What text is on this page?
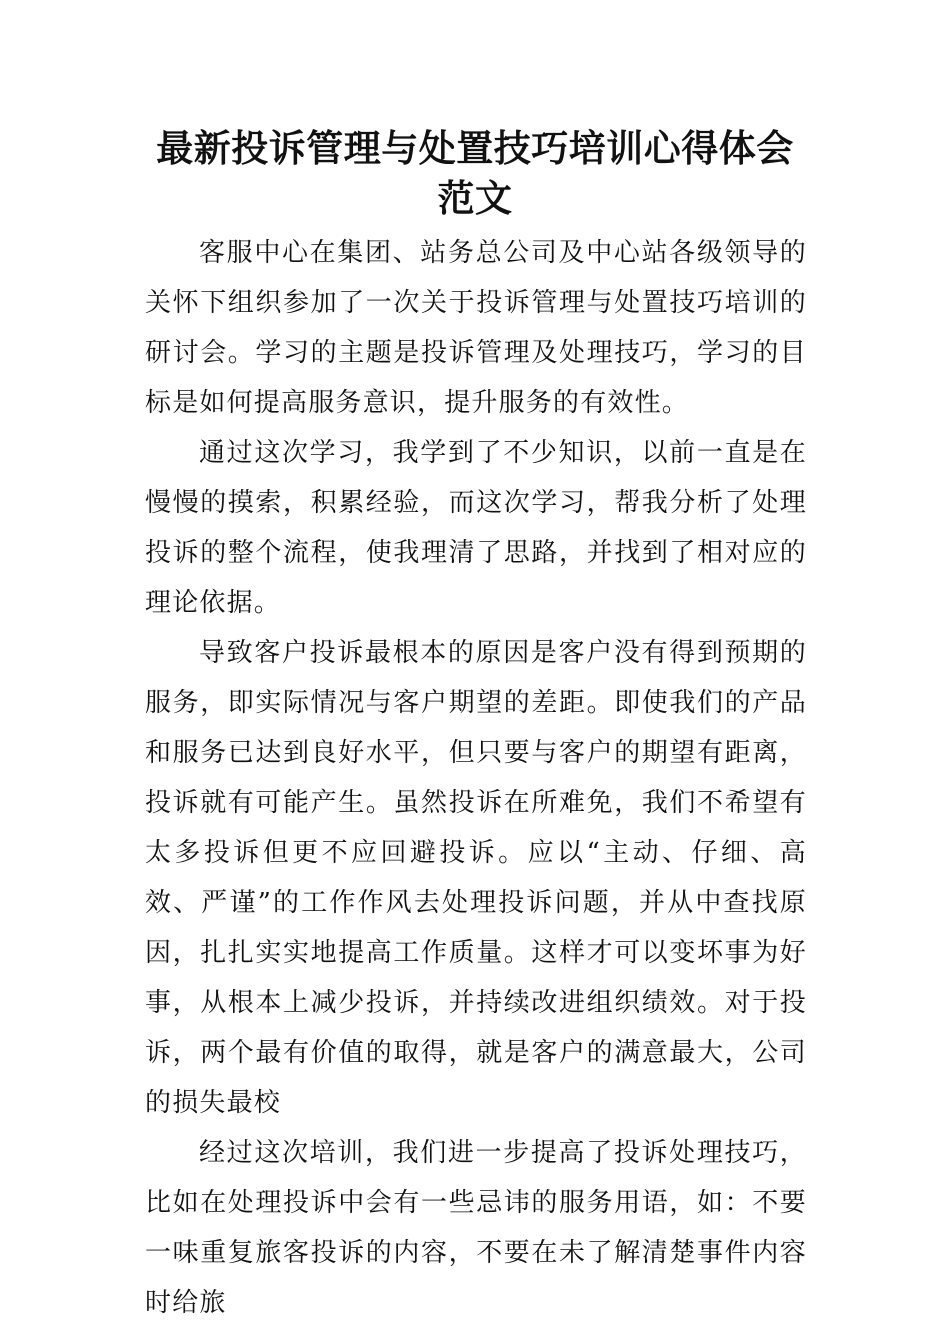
最新投诉管理与处置技巧培训心得体会范文

客服中心在集团、站务总公司及中心站各级领导的关怀下组织参加了一次关于投诉管理与处置技巧培训的研讨会。学习的主题是投诉管理及处理技巧，学习的目标是如何提高服务意识，提升服务的有效性。

通过这次学习，我学到了不少知识，以前一直是在慢慢的摸索，积累经验，而这次学习，帮我分析了处理投诉的整个流程，使我理清了思路，并找到了相对应的理论依据。

导致客户投诉最根本的原因是客户没有得到预期的服务，即实际情况与客户期望的差距。即使我们的产品和服务已达到良好水平，但只要与客户的期望有距离，投诉就有可能产生。虽然投诉在所难免，我们不希望有太多投诉但更不应回避投诉。应以“主动、仔细、高效、严谨”的工作作风去处理投诉问题，并从中查找原因，扎扎实实地提高工作质量。这样才可以变坏事为好事，从根本上减少投诉，并持续改进组织绩效。对于投诉，两个最有价值的取得，就是客户的满意最大，公司的损失最校

经过这次培训，我们进一步提高了投诉处理技巧，比如在处理投诉中会有一些忌讳的服务用语，如：不要一味重复旅客投诉的内容，不要在未了解清楚事件内容时给旅
